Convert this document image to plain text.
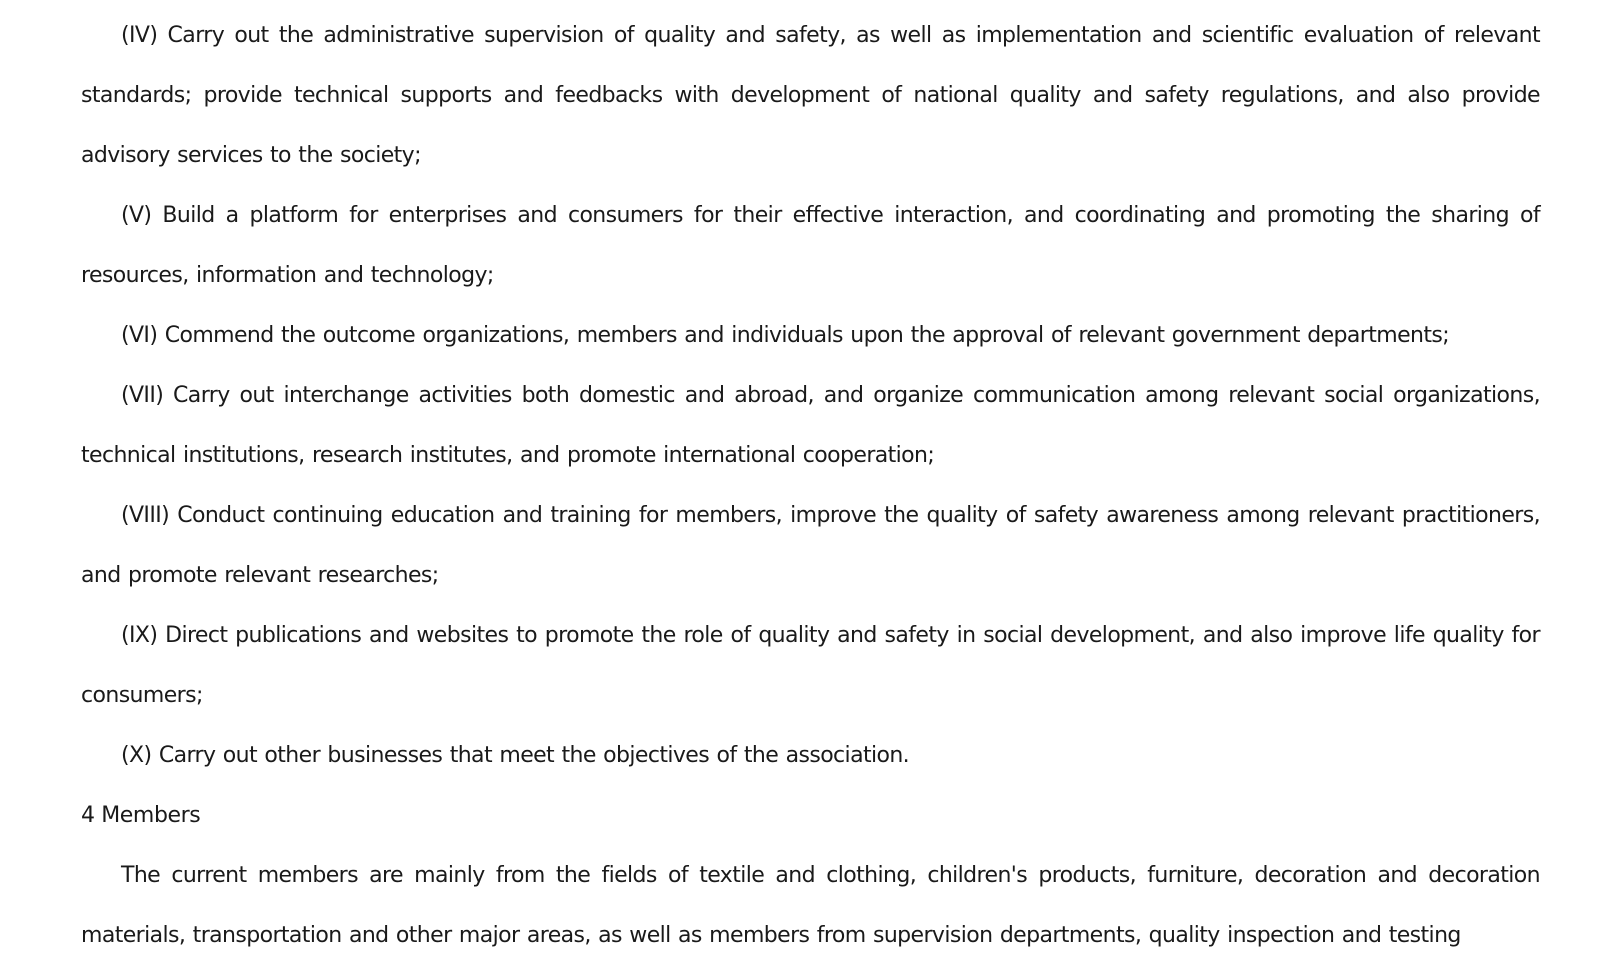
(IV) Carry out the administrative supervision of quality and safety, as well as implementation and scientific evaluation of relevant standards; provide technical supports and feedbacks with development of national quality and safety regulations, and also provide advisory services to the society;

(V) Build a platform for enterprises and consumers for their effective interaction, and coordinating and promoting the sharing of resources, information and technology;

(VI) Commend the outcome organizations, members and individuals upon the approval of relevant government departments;

(VII) Carry out interchange activities both domestic and abroad, and organize communication among relevant social organizations, technical institutions, research institutes, and promote international cooperation;

(VIII) Conduct continuing education and training for members, improve the quality of safety awareness among relevant practitioners, and promote relevant researches;

(IX) Direct publications and websites to promote the role of quality and safety in social development, and also improve life quality for consumers;

(X) Carry out other businesses that meet the objectives of the association.

4 Members

The current members are mainly from the fields of textile and clothing, children's products, furniture, decoration and decoration materials, transportation and other major areas, as well as members from supervision departments, quality inspection and testing
